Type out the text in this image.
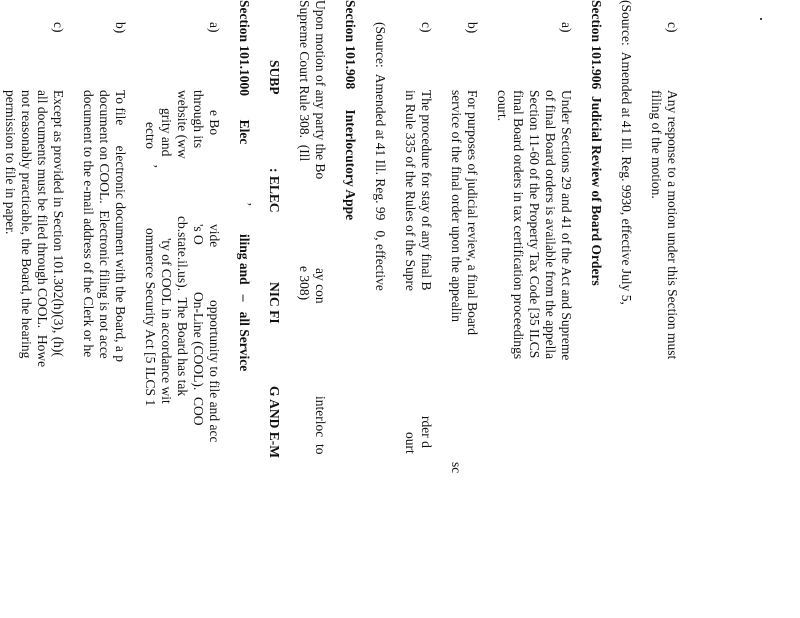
c)
Any response to a motion under this Section must
filing of the motion.
(Source:  Amended at 41 Ill. Reg. 9930, effective July 5,
Section 101.906  Judicial Review of Board Orders
a)
Under Sections 29 and 41 of the Act and Supreme
of final Board orders is available from the appella
Section 11-60 of the Property Tax Code [35 ILCS
final Board orders in tax certification proceedings
court.
b)
For purposes of judicial review, a final Board
service of the final order upon the appealin
sc
c)
The procedure for stay of any final B
rder d
in Rule 335 of the Rules of the Supre
ourt
(Source:  Amended at 41 Ill. Reg. 99   0, effective
Section 101.908      Interlocutory Appe
Upon motion of any party the Bo
ay con
interloc  to
Supreme Court Rule 308.  (Ill
e 308)
SUBP
: ELEC
NIC FI
G AND E-M
Section 101.1000       Elec
’
iling and   –   all Service
a)
e Bo
vide
opportunity to file and acc
through its
's O
On-Line (COOL).  COO
website (ww
cb.state.il.us).  The Board has tak
grity and
'ty of COOL in accordance wit
ectro
’
ommerce Security Act [5 ILCS 1
b)
To file      electronic document with the Board, a p
document on COOL.  Electronic filing is not acce
document to the e-mail address of the Clerk or he
c)
Except as provided in Section 101.302(h)(3), (h)(
all documents must be filed through COOL.  Howe
not reasonably practicable, the Board, the hearing
permission to file in paper.
